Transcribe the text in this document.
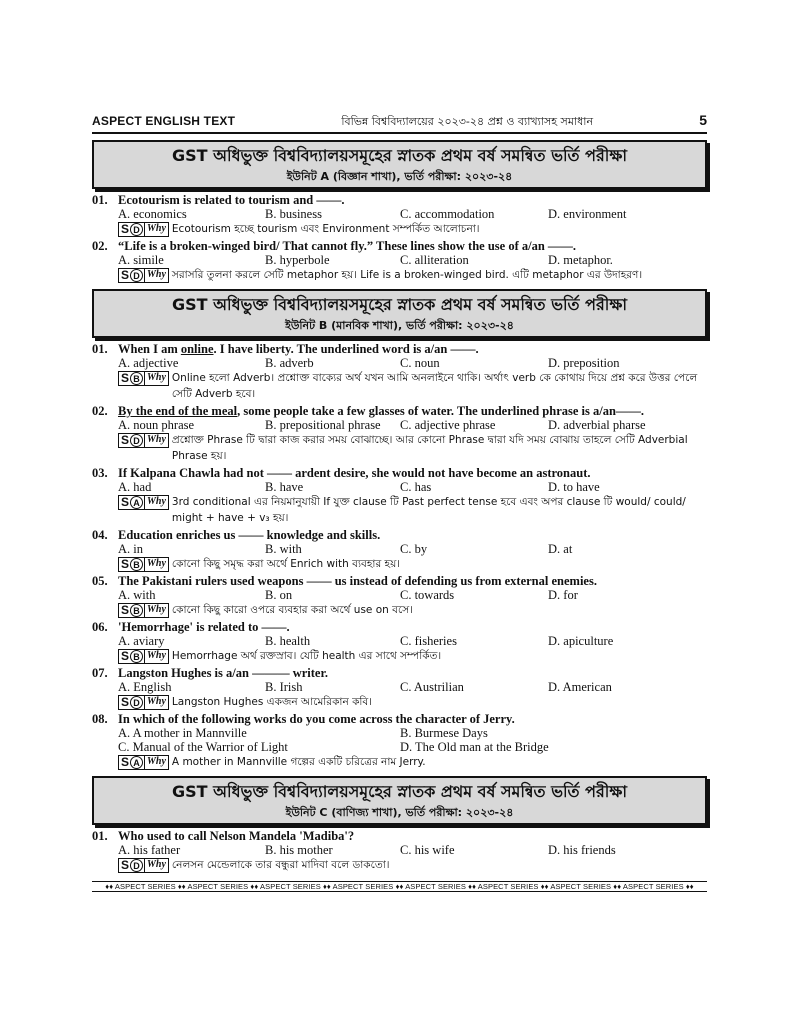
ASPECT ENGLISH TEXT	বিভিন্ন বিশ্ববিদ্যালয়ের ২০২৩-২৪ প্রশ্ন ও ব্যাখ্যাসহ সমাধান	5
GST অধিভুক্ত বিশ্ববিদ্যালয়সমূহের স্নাতক প্রথম বর্ষ সমন্বিত ভর্তি পরীক্ষা
ইউনিট A (বিজ্ঞান শাখা), ভর্তি পরীক্ষা: ২০২৩-২৪
01. Ecotourism is related to tourism and ——.
A. economics	B. business	C. accommodation	D. environment
S D Why Ecotourism হচ্ছে tourism এবং Environment সম্পর্কিত আলোচনা।
02. “Life is a broken-winged bird/ That cannot fly.” These lines show the use of a/an ——.
A. simile	B. hyperbole	C. alliteration	D. metaphor.
S D Why সরাসরি তুলনা করলে সেটি metaphor হয়। Life is a broken-winged bird. এটি metaphor এর উদাহরণ।
GST অধিভুক্ত বিশ্ববিদ্যালয়সমূহের স্নাতক প্রথম বর্ষ সমন্বিত ভর্তি পরীক্ষা
ইউনিট B (মানবিক শাখা), ভর্তি পরীক্ষা: ২০২৩-২৪
01. When I am online. I have liberty. The underlined word is a/an ——.
A. adjective	B. adverb	C. noun	D. preposition
S B Why Online হলো Adverb। প্রশ্নোক্ত বাক্যের অর্থ যখন আমি অনলাইনে থাকি। অর্থাৎ verb কে কোথায় দিয়ে প্রশ্ন করে উত্তর পেলে সেটি Adverb হবে।
02. By the end of the meal, some people take a few glasses of water. The underlined phrase is a/an——.
A. noun phrase	B. prepositional phrase	C. adjective phrase	D. adverbial pharse
S D Why প্রশ্নোক্ত Phrase টি দ্বারা কাজ করার সময় বোঝাচ্ছে। আর কোনো Phrase দ্বারা যদি সময় বোঝায় তাহলে সেটি Adverbial Phrase হয়।
03. If Kalpana Chawla had not —— ardent desire, she would not have become an astronaut.
A. had	B. have	C. has	D. to have
S A Why 3rd conditional এর নিয়মানুযায়ী If যুক্ত clause টি Past perfect tense হবে এবং অপর clause টি would/ could/ might + have + v₃ হয়।
04. Education enriches us —— knowledge and skills.
A. in	B. with	C. by	D. at
S B Why কোনো কিছু সমৃদ্ধ করা অর্থে Enrich with ব্যবহার হয়।
05. The Pakistani rulers used weapons —— us instead of defending us from external enemies.
A. with	B. on	C. towards	D. for
S B Why কোনো কিছু কারো ওপরে ব্যবহার করা অর্থে use on বসে।
06. 'Hemorrhage' is related to ——.
A. aviary	B. health	C. fisheries	D. apiculture
S B Why Hemorrhage অর্থ রক্তস্রাব। যেটি health এর সাথে সম্পর্কিত।
07. Langston Hughes is a/an ——— writer.
A. English	B. Irish	C. Austrilian	D. American
S D Why Langston Hughes একজন আমেরিকান কবি।
08. In which of the following works do you come across the character of Jerry.
A. A mother in Mannville	B. Burmese Days
C. Manual of the Warrior of Light	D. The Old man at the Bridge
S A Why A mother in Mannville গল্পের একটি চরিত্রের নাম Jerry.
GST অধিভুক্ত বিশ্ববিদ্যালয়সমূহের স্নাতক প্রথম বর্ষ সমন্বিত ভর্তি পরীক্ষা
ইউনিট C (বাণিজ্য শাখা), ভর্তি পরীক্ষা: ২০২৩-২৪
01. Who used to call Nelson Mandela 'Madiba'?
A. his father	B. his mother	C. his wife	D. his friends
S D Why নেলসন মেন্ডেলাকে তার বন্ধুরা মাদিবা বলে ডাকতো।
♦♦ ASPECT SERIES ♦♦ ASPECT SERIES ♦♦ ASPECT SERIES ♦♦ ASPECT SERIES ♦♦ ASPECT SERIES ♦♦ ASPECT SERIES ♦♦ ASPECT SERIES ♦♦ ASPECT SERIES ♦♦
